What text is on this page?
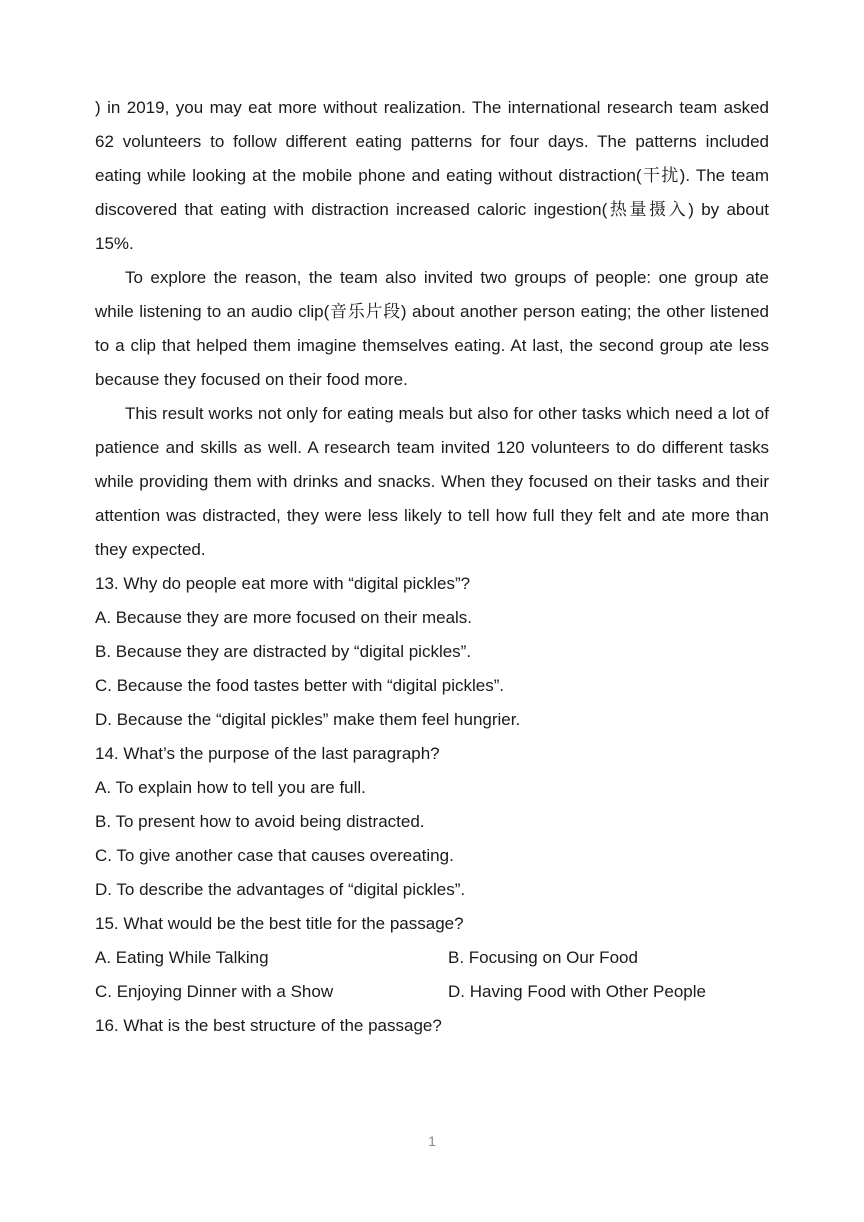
) in 2019, you may eat more without realization. The international research team asked 62 volunteers to follow different eating patterns for four days. The patterns included eating while looking at the mobile phone and eating without distraction(干扰). The team discovered that eating with distraction increased caloric ingestion(热量摄入) by about 15%.

To explore the reason, the team also invited two groups of people: one group ate while listening to an audio clip(音乐片段) about another person eating; the other listened to a clip that helped them imagine themselves eating. At last, the second group ate less because they focused on their food more.

This result works not only for eating meals but also for other tasks which need a lot of patience and skills as well. A research team invited 120 volunteers to do different tasks while providing them with drinks and snacks. When they focused on their tasks and their attention was distracted, they were less likely to tell how full they felt and ate more than they expected.

13. Why do people eat more with “digital pickles”?

A. Because they are more focused on their meals.

B. Because they are distracted by “digital pickles”.

C. Because the food tastes better with “digital pickles”.

D. Because the “digital pickles” make them feel hungrier.

14. What’s the purpose of the last paragraph?

A. To explain how to tell you are full.

B. To present how to avoid being distracted.

C. To give another case that causes overeating.

D. To describe the advantages of “digital pickles”.

15. What would be the best title for the passage?

A. Eating While Talking	B. Focusing on Our Food
C. Enjoying Dinner with a Show	D. Having Food with Other People

16. What is the best structure of the passage?

1
